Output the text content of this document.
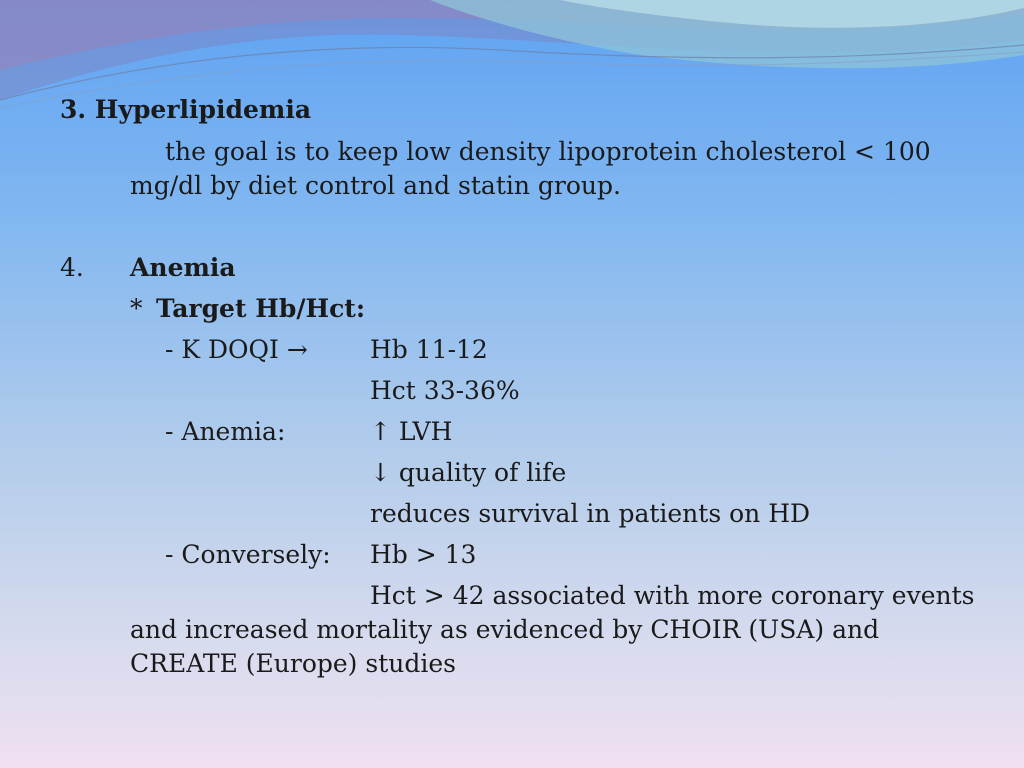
3. Hyperlipidemia
the goal is to keep low density lipoprotein cholesterol < 100
mg/dl by diet control and statin group.
4. Anemia
* Target Hb/Hct:
- K DOQI → Hb 11-12
Hct 33-36%
- Anemia:	↑ LVH
↓ quality of life
reduces survival in patients on HD
- Conversely: Hb > 13
Hct > 42 associated with more coronary events
and increased mortality as evidenced by CHOIR (USA) and
CREATE (Europe) studies
